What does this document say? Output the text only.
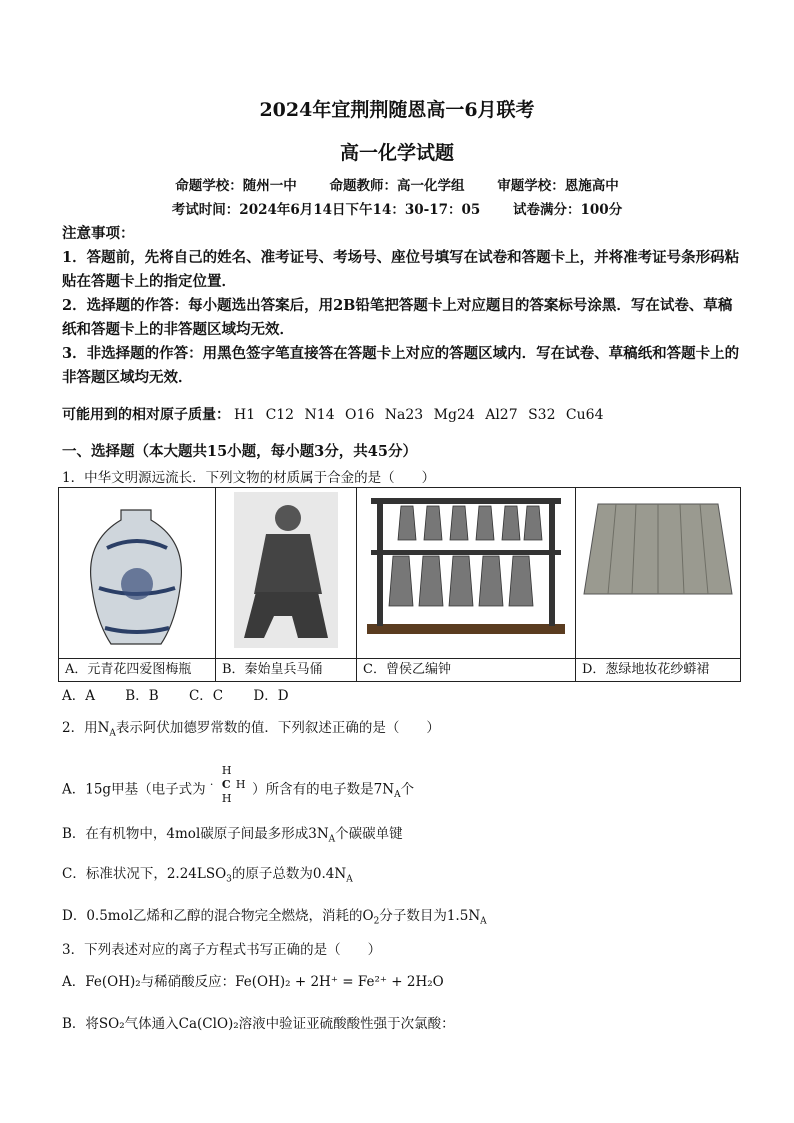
2024年宜荆荆随恩高一6月联考
高一化学试题
命题学校：随州一中 命题教师：高一化学组 审题学校：恩施高中
考试时间：2024年6月14日下午14：30-17：05 试卷满分：100分
注意事项：
1．答题前，先将自己的姓名、准考证号、考场号、座位号填写在试卷和答题卡上，并将准考证号条形码粘贴在答题卡上的指定位置．
2．选择题的作答：每小题选出答案后，用2B铅笔把答题卡上对应题目的答案标号涂黑．写在试卷、草稿纸和答题卡上的非答题区域均无效．
3．非选择题的作答：用黑色签字笔直接答在答题卡上对应的答题区域内．写在试卷、草稿纸和答题卡上的非答题区域均无效．
可能用到的相对原子质量： H1 C12 N14 O16 Na23 Mg24 Al27 S32 Cu64
一、选择题（本大题共15小题，每小题3分，共45分）
1．中华文明源远流长．下列文物的材质属于合金的是（　　）

A．元青花四爱图梅瓶	B．秦始皇兵马俑	C．曾侯乙编钟	D．葱绿地妆花纱蟒裙
A．A B．B C．C D．D
2．用$N_A$表示阿伏加德罗常数的值．下列叙述正确的是（　　）
A．15g甲基（电子式为
H
· C H
H
）所含有的电子数是$7N_A$个
B．在有机物中，4mol碳原子间最多形成$3N_A$个碳碳单键
C．标准状况下，$2.24LSO_3$的原子总数为$0.4N_A$
D．0.5mol乙烯和乙醇的混合物完全燃烧，消耗的$O_2$分子数目为$1.5N_A$
3．下列表述对应的离子方程式书写正确的是（　　）
A．Fe(OH)₂与稀硝酸反应：Fe(OH)₂ + 2H⁺ = Fe²⁺ + 2H₂O
B．将SO₂气体通入Ca(ClO)₂溶液中验证亚硫酸酸性强于次氯酸：
